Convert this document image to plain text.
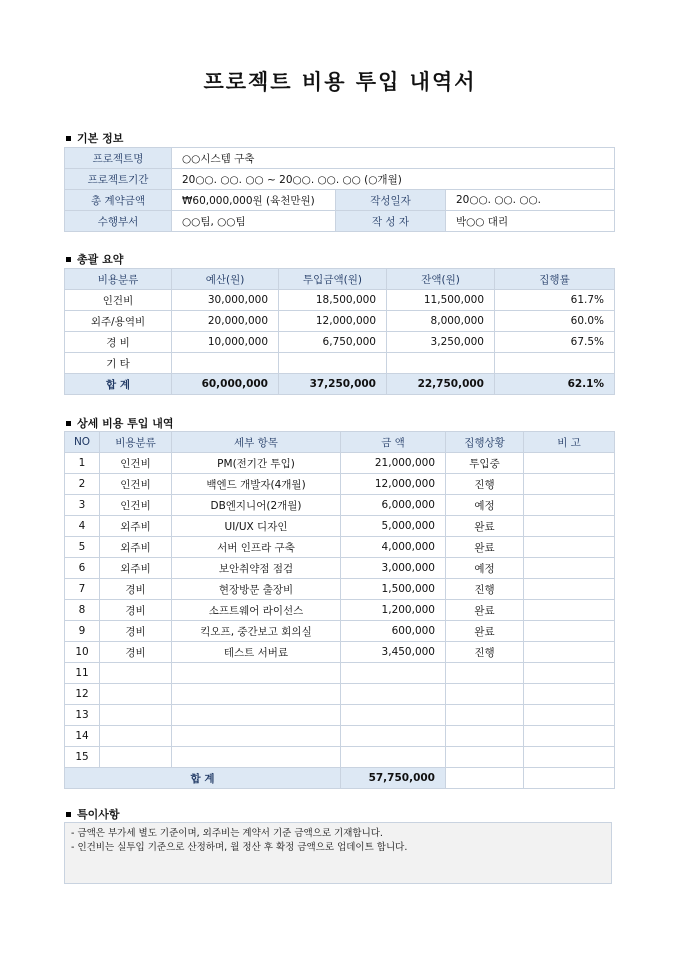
프로젝트 비용 투입 내역서
기본 정보
프로젝트명	○○시스템 구축		
프로젝트기간	20○○. ○○. ○○ ~ 20○○. ○○. ○○ (○개월)		
총 계약금액	₩60,000,000원 (육천만원)	작성일자	20○○. ○○. ○○.
수행부서	○○팀, ○○팀	작 성 자	박○○ 대리
총괄 요약
비용분류	예산(원)	투입금액(원)	잔액(원)	집행률
인건비	30,000,000	18,500,000	11,500,000	61.7%
외주/용역비	20,000,000	12,000,000	8,000,000	60.0%
경 비	10,000,000	6,750,000	3,250,000	67.5%
기 타				
합 계	60,000,000	37,250,000	22,750,000	62.1%
상세 비용 투입 내역
NO	비용분류	세부 항목	금 액	집행상황	비 고
1	인건비	PM(전기간 투입)	21,000,000	투입중	
2	인건비	백엔드 개발자(4개월)	12,000,000	진행	
3	인건비	DB엔지니어(2개월)	6,000,000	예정	
4	외주비	UI/UX 디자인	5,000,000	완료	
5	외주비	서버 인프라 구축	4,000,000	완료	
6	외주비	보안취약점 점검	3,000,000	예정	
7	경비	현장방문 출장비	1,500,000	진행	
8	경비	소프트웨어 라이선스	1,200,000	완료	
9	경비	킥오프, 중간보고 회의실	600,000	완료	
10	경비	테스트 서버료	3,450,000	진행	
11					
12					
13					
14					
15					
합 계			57,750,000		
특이사항
- 금액은 부가세 별도 기준이며, 외주비는 계약서 기준 금액으로 기재합니다.
- 인건비는 실투입 기준으로 산정하며, 월 정산 후 확정 금액으로 업데이트 합니다.
